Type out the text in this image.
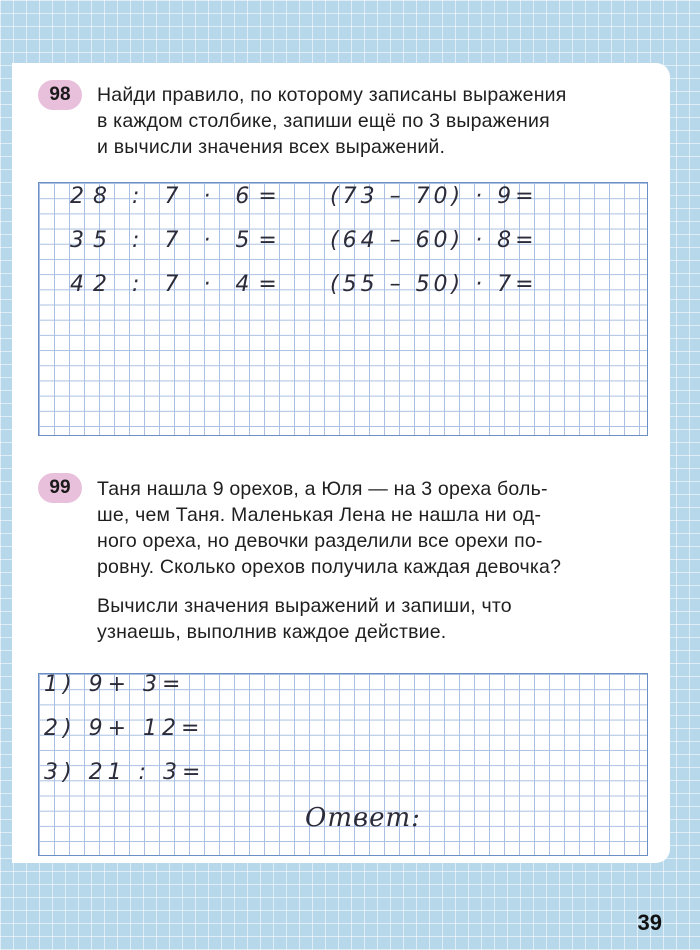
98	Найди правило, по которому записаны выражения
в каждом столбике, запиши ещё по 3 выражения
и вычисли значения всех выражений.
28 : 7 · 6=
35 : 7 · 5=
42 : 7 · 4=
(73 – 70) · 9=
(64 – 60) · 8=
(55 – 50) · 7=
99	Таня нашла 9 орехов, а Юля — на 3 ореха боль-
ше, чем Таня. Маленькая Лена не нашла ни од-
ного ореха, но девочки разделили все орехи по-
ровну. Сколько орехов получила каждая девочка?
Вычисли значения выражений и запиши, что
узнаешь, выполнив каждое действие.
1) 9+ 3=
2) 9+ 12=
3) 21 : 3=
Ответ:
39
